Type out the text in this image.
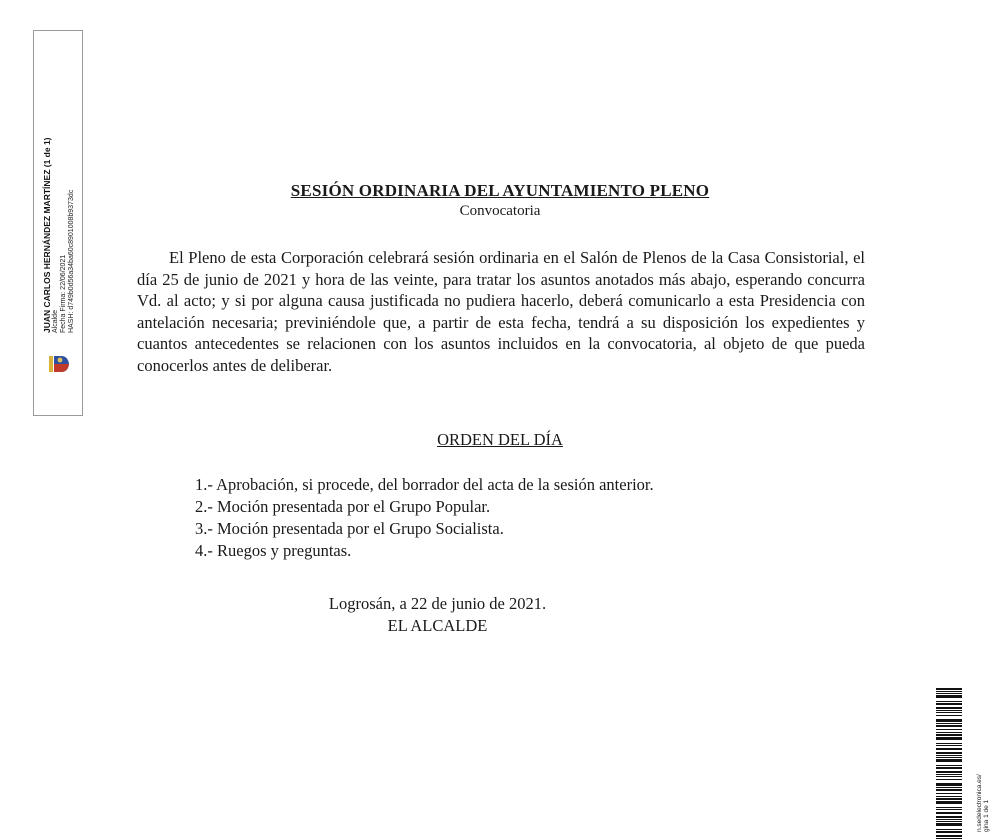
JUAN CARLOS HERNÁNDEZ MARTÍNEZ (1 de 1) Alcalde Fecha Firma: 22/06/2021 HASH: d749b0d56a34ba60c8901008b9373dc	SESIÓN ORDINARIA DEL AYUNTAMIENTO PLENO
Convocatoria
El Pleno de esta Corporación celebrará sesión ordinaria en el Salón de Plenos de la Casa Consistorial, el día 25 de junio de 2021 y hora de las veinte, para tratar los asuntos anotados más abajo, esperando concurra Vd. al acto; y si por alguna causa justificada no pudiera hacerlo, deberá comunicarlo a esta Presidencia con antelación necesaria; previniéndole que, a partir de esta fecha, tendrá a su disposición los expedientes y cuantos antecedentes se relacionen con los asuntos incluidos en la convocatoria, al objeto de que pueda conocerlos antes de deliberar.
ORDEN DEL DÍA
1.- Aprobación, si procede, del borrador del acta de la sesión anterior.
2.- Moción presentada por el Grupo Popular.
3.- Moción presentada por el Grupo Socialista.
4.- Ruegos y preguntas.
Logrosán, a 22 de junio de 2021.
EL ALCALDE
n.sedelectronica.es/ gina 1 de 1
